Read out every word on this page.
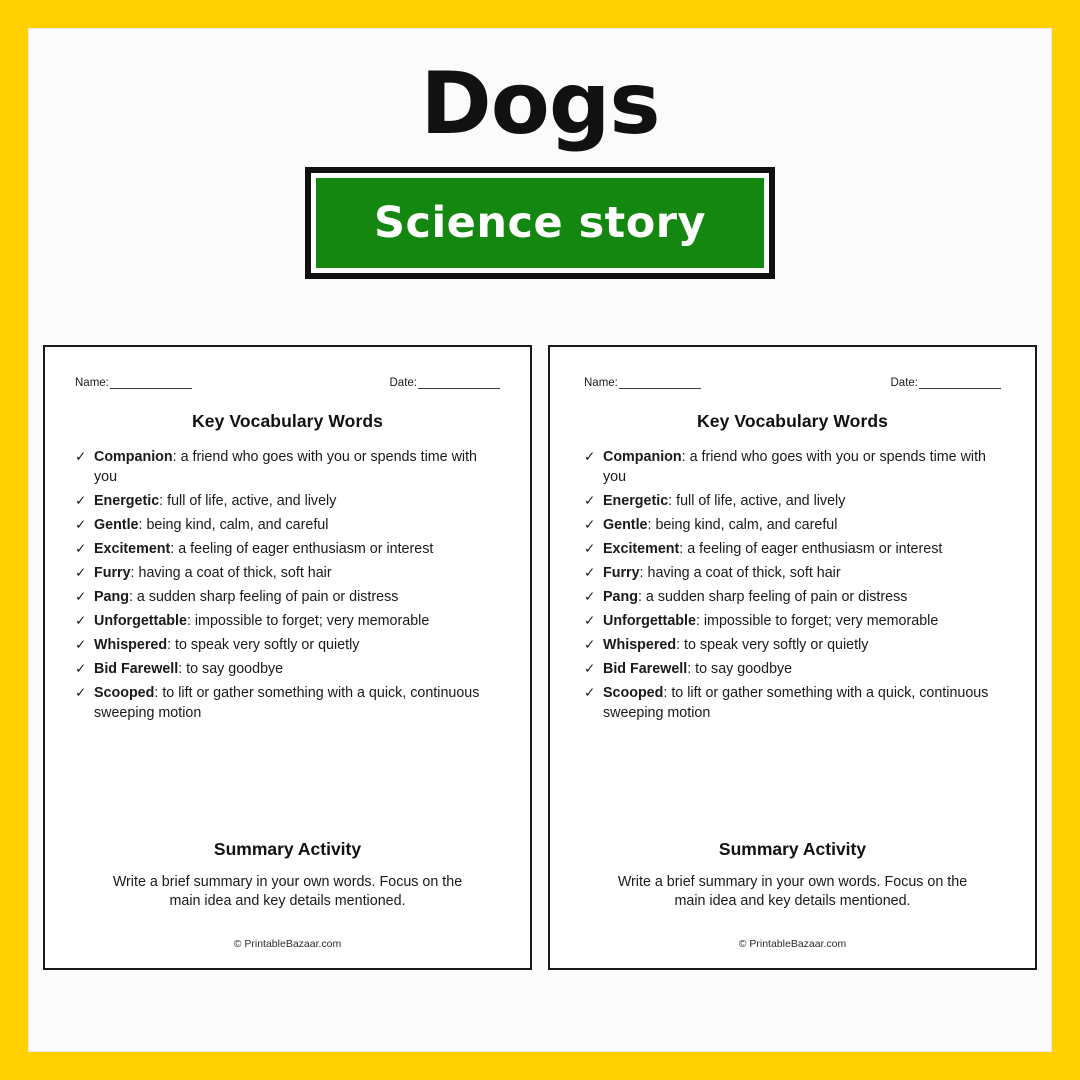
Dogs
Science story
Name:	Date:
Key Vocabulary Words
✓ Companion: a friend who goes with you or spends time with you
✓ Energetic: full of life, active, and lively
✓ Gentle: being kind, calm, and careful
✓ Excitement: a feeling of eager enthusiasm or interest
✓ Furry: having a coat of thick, soft hair
✓ Pang: a sudden sharp feeling of pain or distress
✓ Unforgettable: impossible to forget; very memorable
✓ Whispered: to speak very softly or quietly
✓ Bid Farewell: to say goodbye
✓ Scooped: to lift or gather something with a quick, continuous sweeping motion
Summary Activity
Write a brief summary in your own words. Focus on the main idea and key details mentioned.
© PrintableBazaar.com
Name:	Date:
Key Vocabulary Words
✓ Companion: a friend who goes with you or spends time with you
✓ Energetic: full of life, active, and lively
✓ Gentle: being kind, calm, and careful
✓ Excitement: a feeling of eager enthusiasm or interest
✓ Furry: having a coat of thick, soft hair
✓ Pang: a sudden sharp feeling of pain or distress
✓ Unforgettable: impossible to forget; very memorable
✓ Whispered: to speak very softly or quietly
✓ Bid Farewell: to say goodbye
✓ Scooped: to lift or gather something with a quick, continuous sweeping motion
Summary Activity
Write a brief summary in your own words. Focus on the main idea and key details mentioned.
© PrintableBazaar.com
